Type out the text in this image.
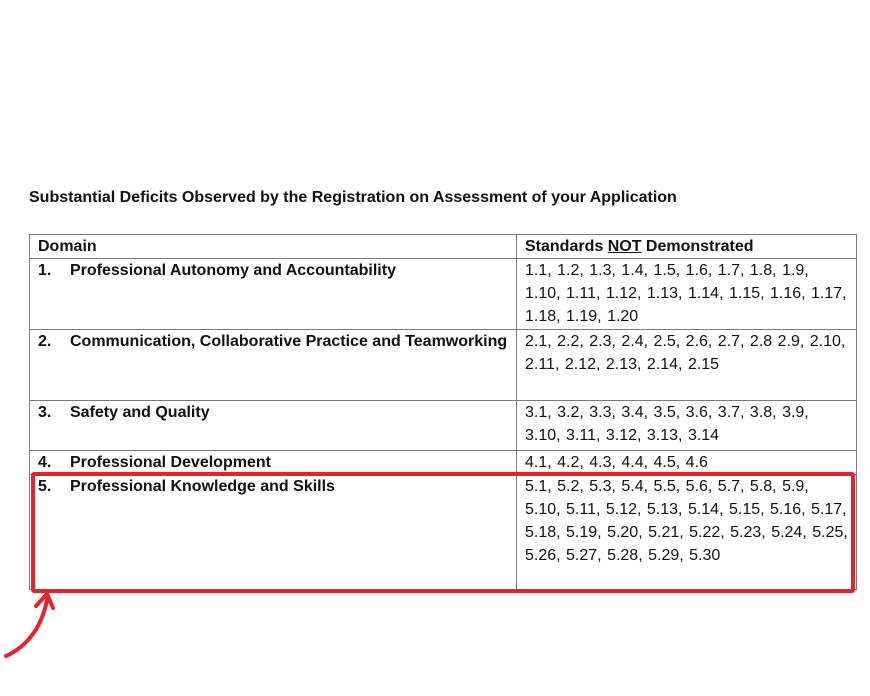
Substantial Deficits Observed by the Registration on Assessment of your Application
Domain	Standards NOT Demonstrated

1. Professional Autonomy and Accountability	1.1, 1.2, 1.3, 1.4, 1.5, 1.6, 1.7, 1.8, 1.9, 1.10, 1.11, 1.12, 1.13, 1.14, 1.15, 1.16, 1.17, 1.18, 1.19, 1.20

2. Communication, Collaborative Practice and Teamworking	2.1, 2.2, 2.3, 2.4, 2.5, 2.6, 2.7, 2.8 2.9, 2.10, 2.11, 2.12, 2.13, 2.14, 2.15

3. Safety and Quality	3.1, 3.2, 3.3, 3.4, 3.5, 3.6, 3.7, 3.8, 3.9, 3.10, 3.11, 3.12, 3.13, 3.14

4. Professional Development	4.1, 4.2, 4.3, 4.4, 4.5, 4.6

5. Professional Knowledge and Skills	5.1, 5.2, 5.3, 5.4, 5.5, 5.6, 5.7, 5.8, 5.9, 5.10, 5.11, 5.12, 5.13, 5.14, 5.15, 5.16, 5.17, 5.18, 5.19, 5.20, 5.21, 5.22, 5.23, 5.24, 5.25, 5.26, 5.27, 5.28, 5.29, 5.30
